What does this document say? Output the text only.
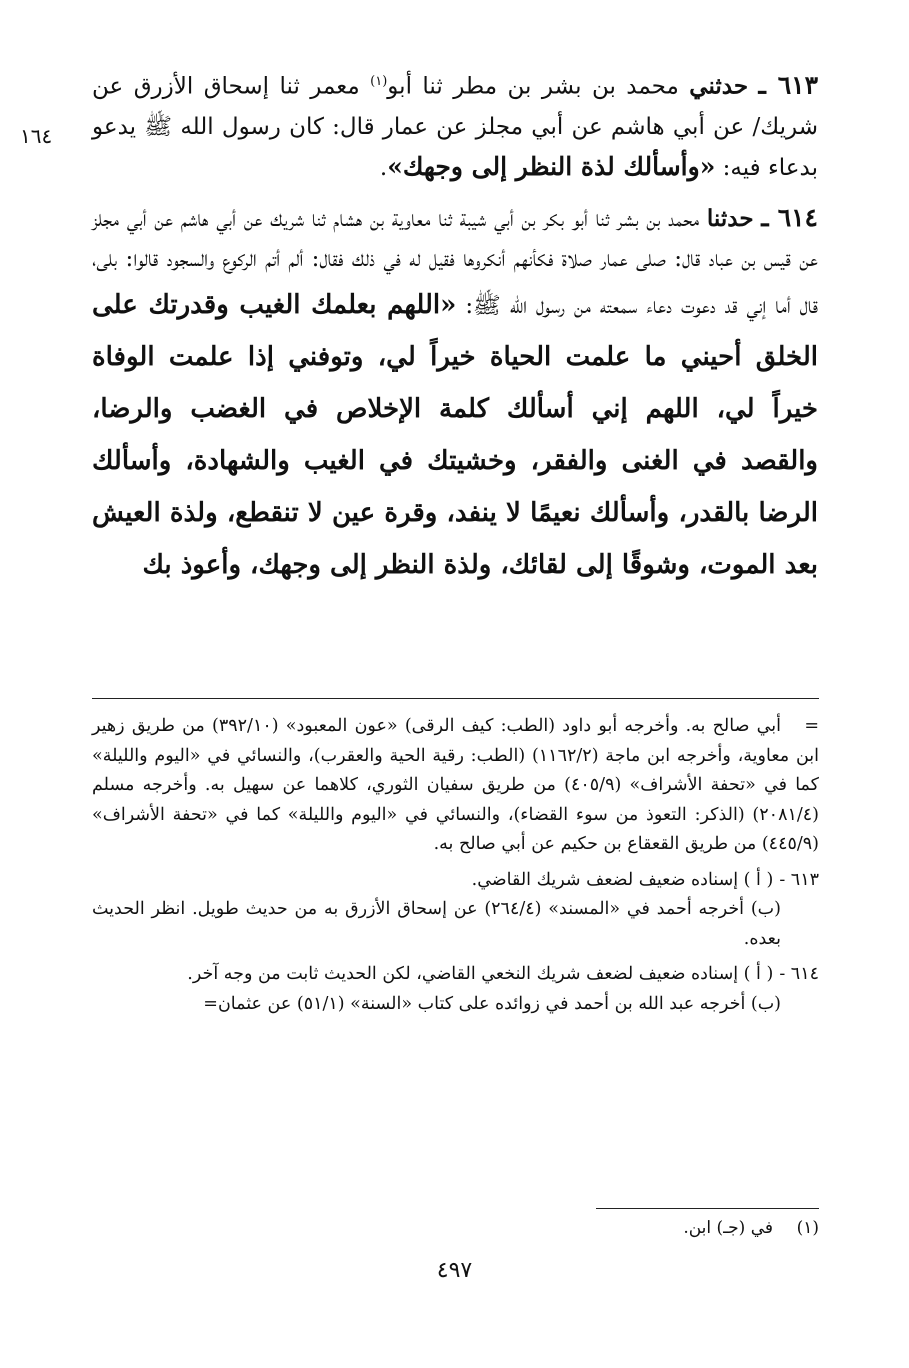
٦١٣ ـ حدثني محمد بن بشر بن مطر ثنا أبو$^{(١)}$ معمر ثنا إسحاق الأزرق عن شريك/ عن أبي هاشم عن أبي مجلز عن عمار قال: كان رسول الله ﷺ يدعو بدعاء فيه: «وأسألك لذة النظر إلى وجهك».

٦١٤ ـ حدثنا محمد بن بشر ثنا أبو بكر بن أبي شيبة ثنا معاوية بن هشام ثنا شريك عن أبي هاشم عن أبي مجلز عن قيس بن عباد قال: صلى عمار صلاة فكأنهم أنكروها فقيل له في ذلك فقال: ألم أتم الركوع والسجود قالوا: بلى، قال أما إني قد دعوت دعاء سمعته من رسول الله ﷺ: «اللهم بعلمك الغيب وقدرتك على الخلق أحيني ما علمت الحياة خيراً لي، وتوفني إذا علمت الوفاة خيراً لي، اللهم إني أسألك كلمة الإخلاص في الغضب والرضا، والقصد في الغنى والفقر، وخشيتك في الغيب والشهادة، وأسألك الرضا بالقدر، وأسألك نعيمًا لا ينفد، وقرة عين لا تنقطع، ولذة العيش بعد الموت، وشوقًا إلى لقائك، ولذة النظر إلى وجهك، وأعوذ بك

١٦٤
=أبي صالح به. وأخرجه أبو داود (الطب: كيف الرقى) «عون المعبود» (٣٩٢/١٠) من طريق زهير ابن معاوية، وأخرجه ابن ماجة (١١٦٢/٢) (الطب: رقية الحية والعقرب)، والنسائي في «اليوم والليلة» كما في «تحفة الأشراف» (٤٠٥/٩) من طريق سفيان الثوري، كلاهما عن سهيل به. وأخرجه مسلم (٢٠٨١/٤) (الذكر: التعوذ من سوء القضاء)، والنسائي في «اليوم والليلة» كما في «تحفة الأشراف» (٤٤٥/٩) من طريق القعقاع بن حكيم عن أبي صالح به.
٦١٣ -( أ ) إسناده ضعيف لضعف شريك القاضي.
(ب) أخرجه أحمد في «المسند» (٢٦٤/٤) عن إسحاق الأزرق به من حديث طويل. انظر الحديث بعده.
٦١٤ -( أ ) إسناده ضعيف لضعف شريك النخعي القاضي، لكن الحديث ثابت من وجه آخر.
(ب) أخرجه عبد الله بن أحمد في زوائده على كتاب «السنة» (٥١/١) عن عثمان=
(١)في (جـ) ابن.
٤٩٧
